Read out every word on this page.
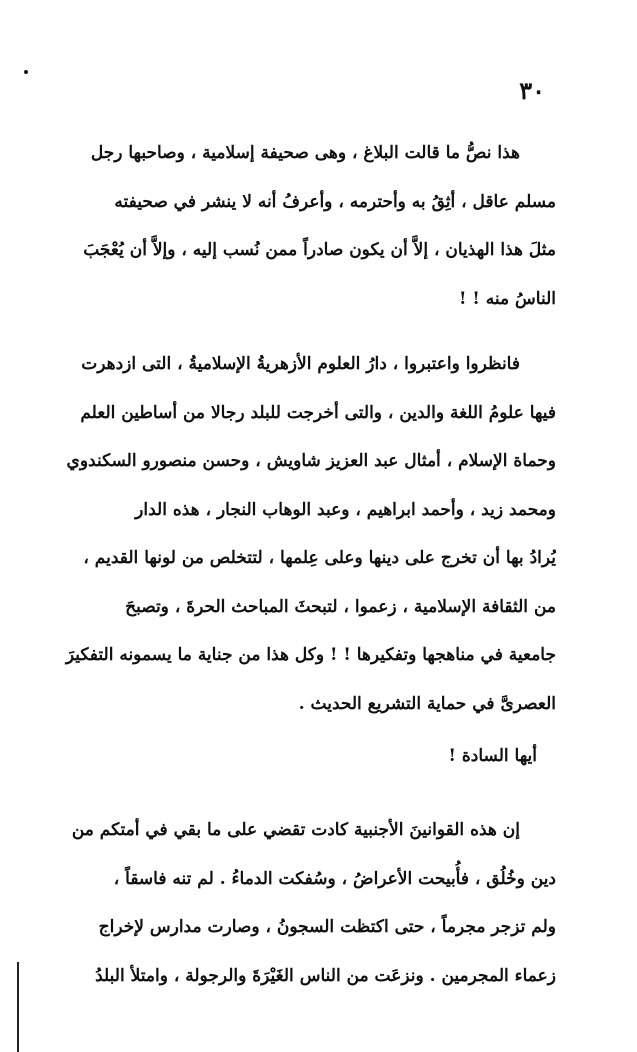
٣٠
هذا نصُّ ما قالت البلاغ ، وهى صحيفة إسلامية ، وصاحبها رجل
مسلم عاقل ، أثِقُ به وأحترمه ، وأعرفُ أنه لا ينشر في صحيفته
مثلَ هذا الهذيان ، إلاَّ أن يكون صادراً ممن نُسب إليه ، وإلاَّ أن يُعْجَبَ
الناسُ منه ! !
فانظروا واعتبروا ، دارُ العلوم الأزهريةُ الإسلاميةُ ، التى ازدهرت
فيها علومُ اللغة والدين ، والتى أخرجت للبلد رجالا من أساطين العلم
وحماة الإسلام ، أمثال عبد العزيز شاويش ، وحسن منصورو السكندوي
ومحمد زيد ، وأحمد ابراهيم ، وعبد الوهاب النجار ، هذه الدار
يُرادُ بها أن تخرج على دينها وعلى عِلمها ، لتتخلص من لونها القديم ،
من الثقافة الإسلامية ، زعموا ، لتبحثَ المباحث الحرةَ ، وتصبحَ
جامعية في مناهجها وتفكيرها ! ! وكل هذا من جناية ما يسمونه التفكيرَ
العصرىَّ في حماية التشريع الحديث .
أيها السادة !
إن هذه القوانينَ الأجنبية كادت تقضي على ما بقي في أمتكم من
دين وخُلُق ، فأُبيحت الأعراضُ ، وسُفكت الدماءُ . لم تنه فاسقاً ،
ولم تزجر مجرماً ، حتى اكتظت السجونُ ، وصارت مدارس لإخراج
زعماء المجرمين . ونزعَت من الناس الغَيْرَةَ والرجولة ، وامتلأ البلدُ
